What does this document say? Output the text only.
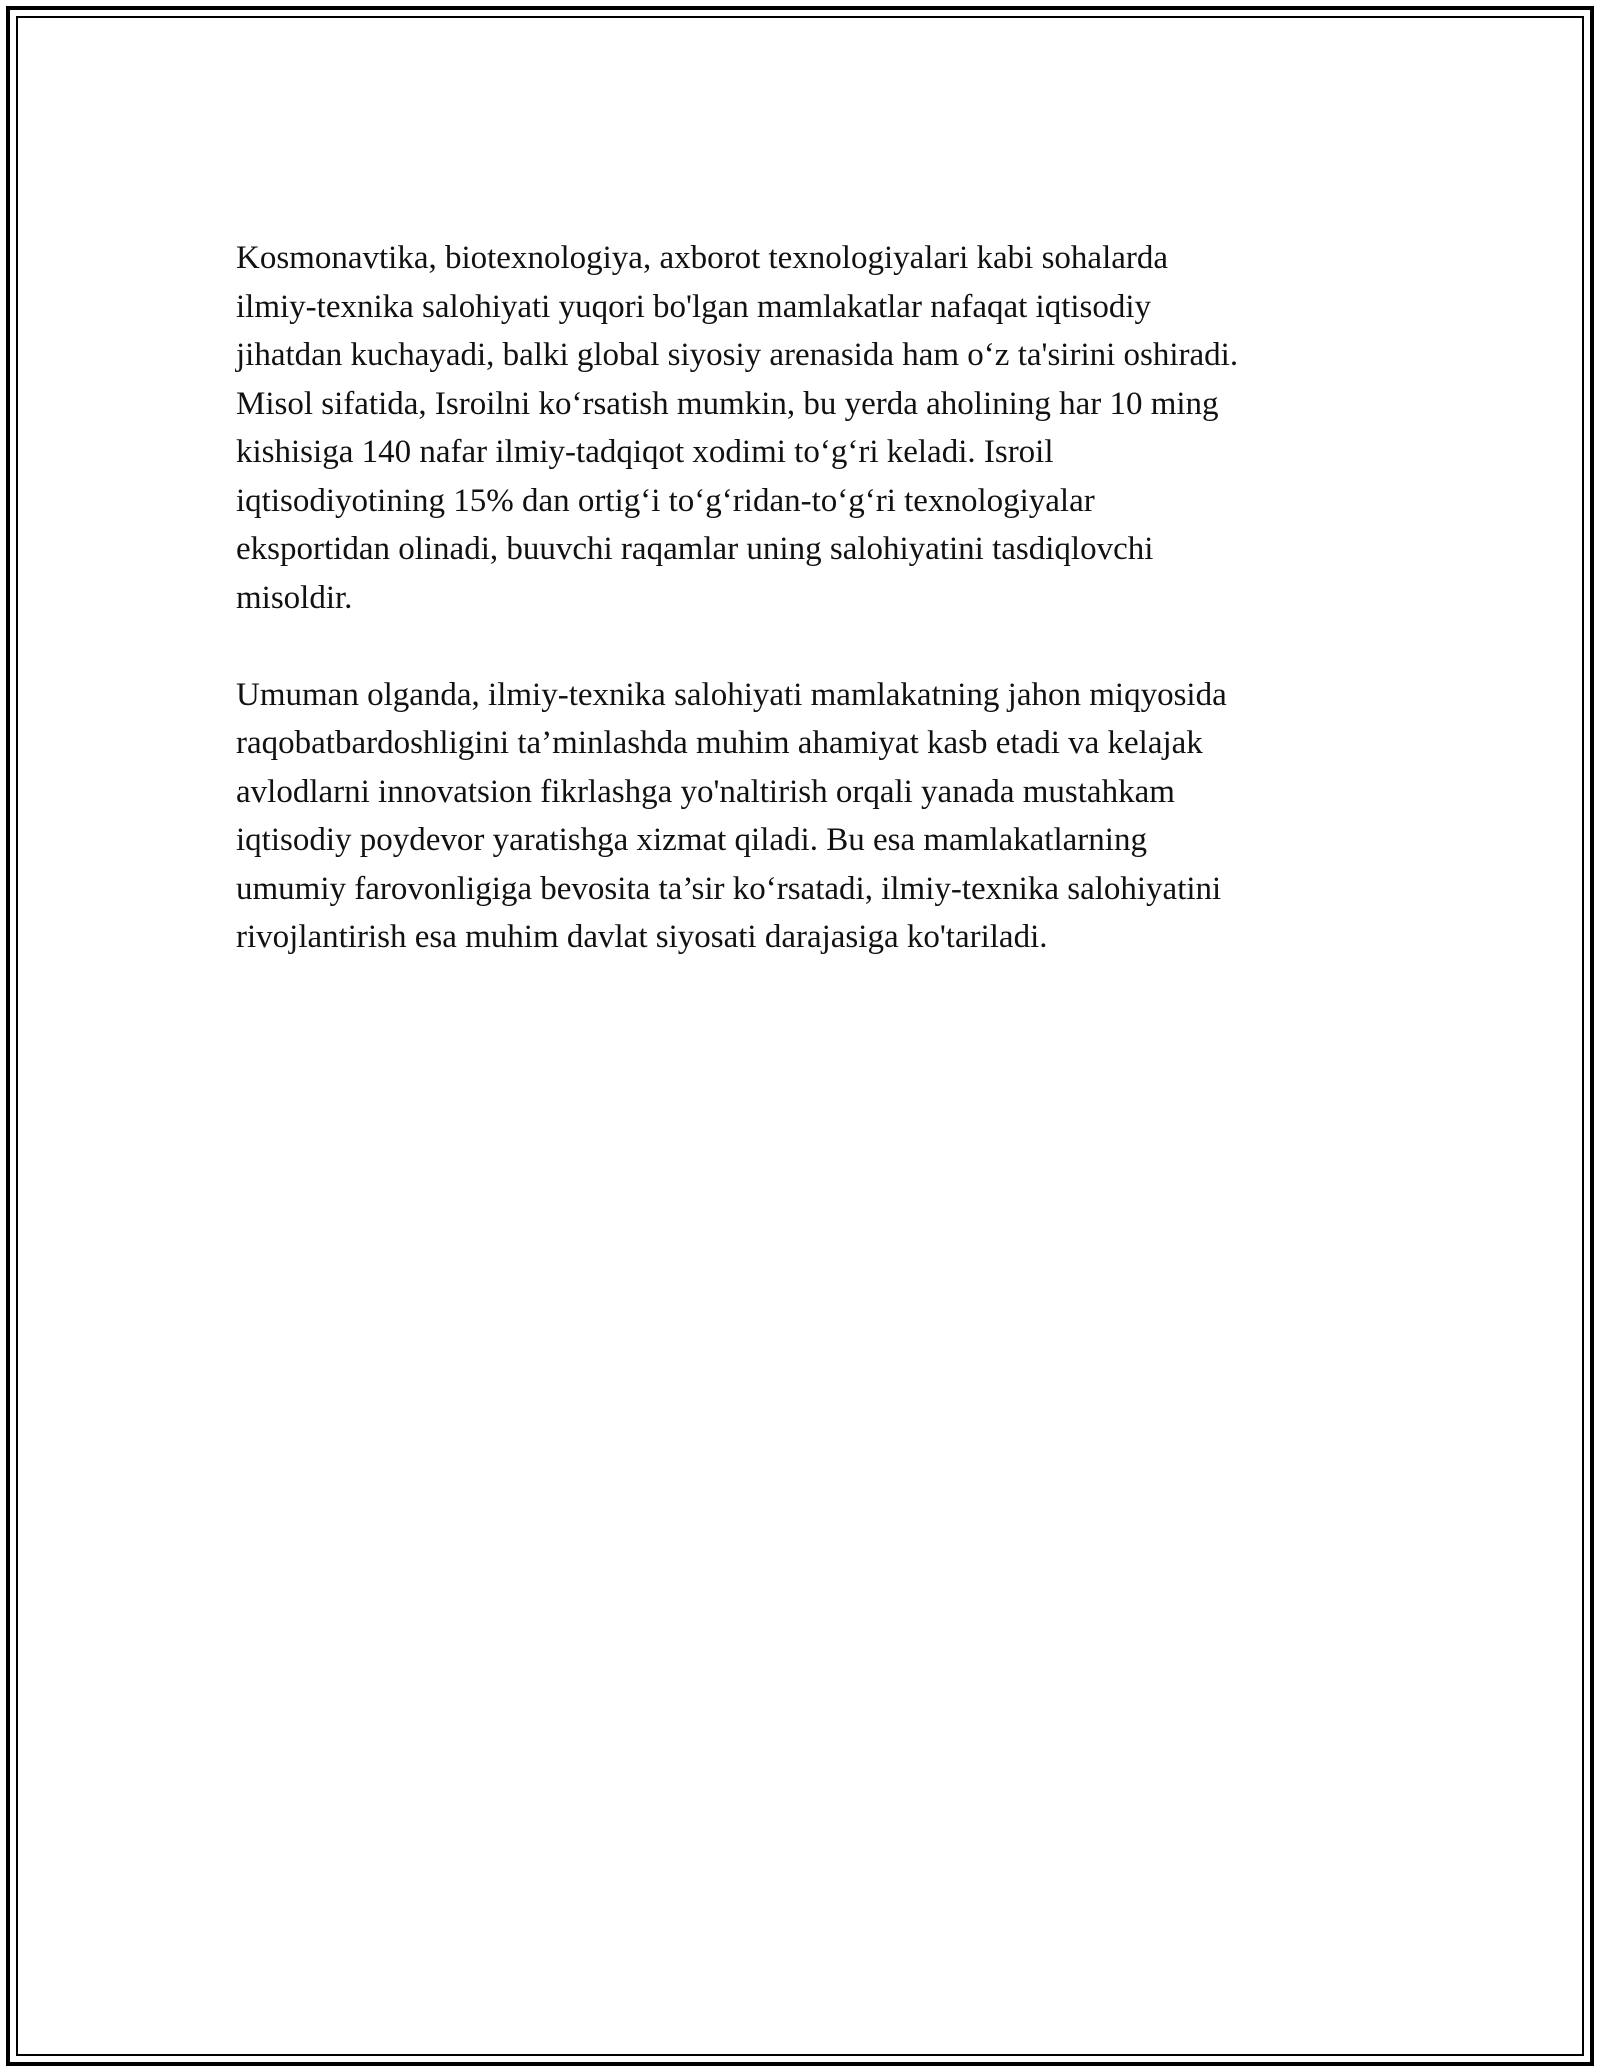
Kosmonavtika, biotexnologiya, axborot texnologiyalari kabi sohalarda
ilmiy-texnika salohiyati yuqori bo'lgan mamlakatlar nafaqat iqtisodiy
jihatdan kuchayadi, balki global siyosiy arenasida ham o‘z ta'sirini oshiradi.
Misol sifatida, Isroilni ko‘rsatish mumkin, bu yerda aholining har 10 ming
kishisiga 140 nafar ilmiy-tadqiqot xodimi to‘g‘ri keladi. Isroil
iqtisodiyotining 15% dan ortig‘i to‘g‘ridan-to‘g‘ri texnologiyalar
eksportidan olinadi, buuvchi raqamlar uning salohiyatini tasdiqlovchi
misoldir.

Umuman olganda, ilmiy-texnika salohiyati mamlakatning jahon miqyosida
raqobatbardoshligini ta’minlashda muhim ahamiyat kasb etadi va kelajak
avlodlarni innovatsion fikrlashga yo'naltirish orqali yanada mustahkam
iqtisodiy poydevor yaratishga xizmat qiladi. Bu esa mamlakatlarning
umumiy farovonligiga bevosita ta’sir ko‘rsatadi, ilmiy-texnika salohiyatini
rivojlantirish esa muhim davlat siyosati darajasiga ko'tariladi.
